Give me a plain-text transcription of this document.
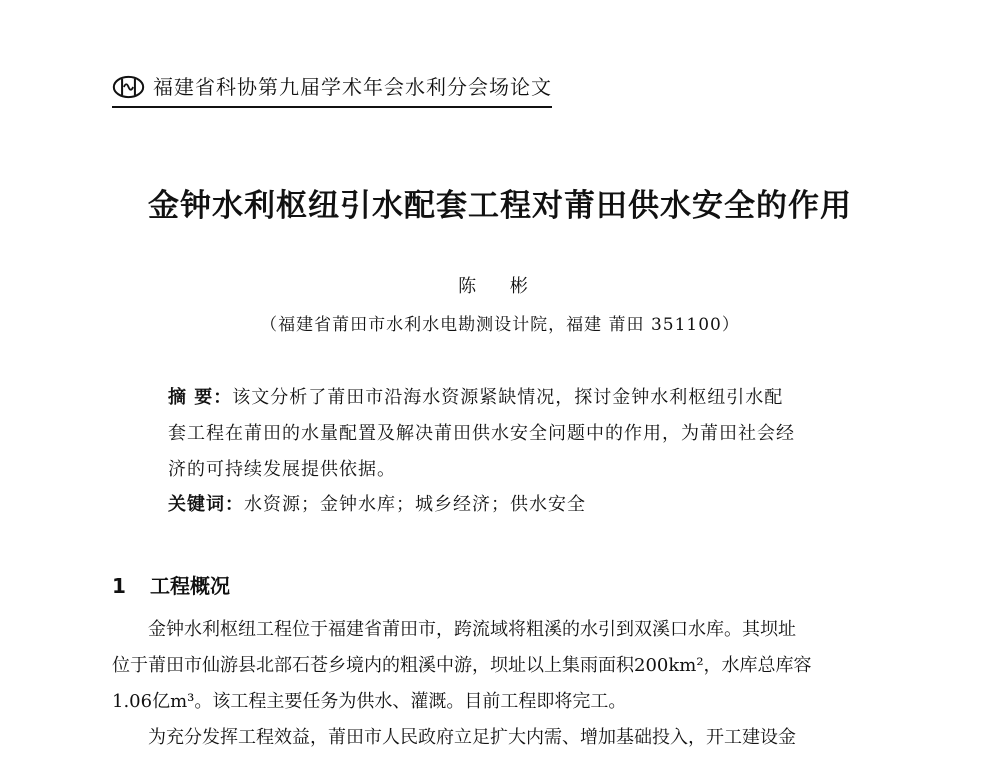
福建省科协第九届学术年会水利分会场论文
金钟水利枢纽引水配套工程对莆田供水安全的作用
陈 彬
（福建省莆田市水利水电勘测设计院，福建 莆田 351100）
摘 要：该文分析了莆田市沿海水资源紧缺情况，探讨金钟水利枢纽引水配
套工程在莆田的水量配置及解决莆田供水安全问题中的作用，为莆田社会经
济的可持续发展提供依据。
关键词：水资源；金钟水库；城乡经济；供水安全
1 工程概况
金钟水利枢纽工程位于福建省莆田市，跨流域将粗溪的水引到双溪口水库。其坝址
位于莆田市仙游县北部石苍乡境内的粗溪中游，坝址以上集雨面积200km²，水库总库容
1.06亿m³。该工程主要任务为供水、灌溉。目前工程即将完工。
为充分发挥工程效益，莆田市人民政府立足扩大内需、增加基础投入，开工建设金
